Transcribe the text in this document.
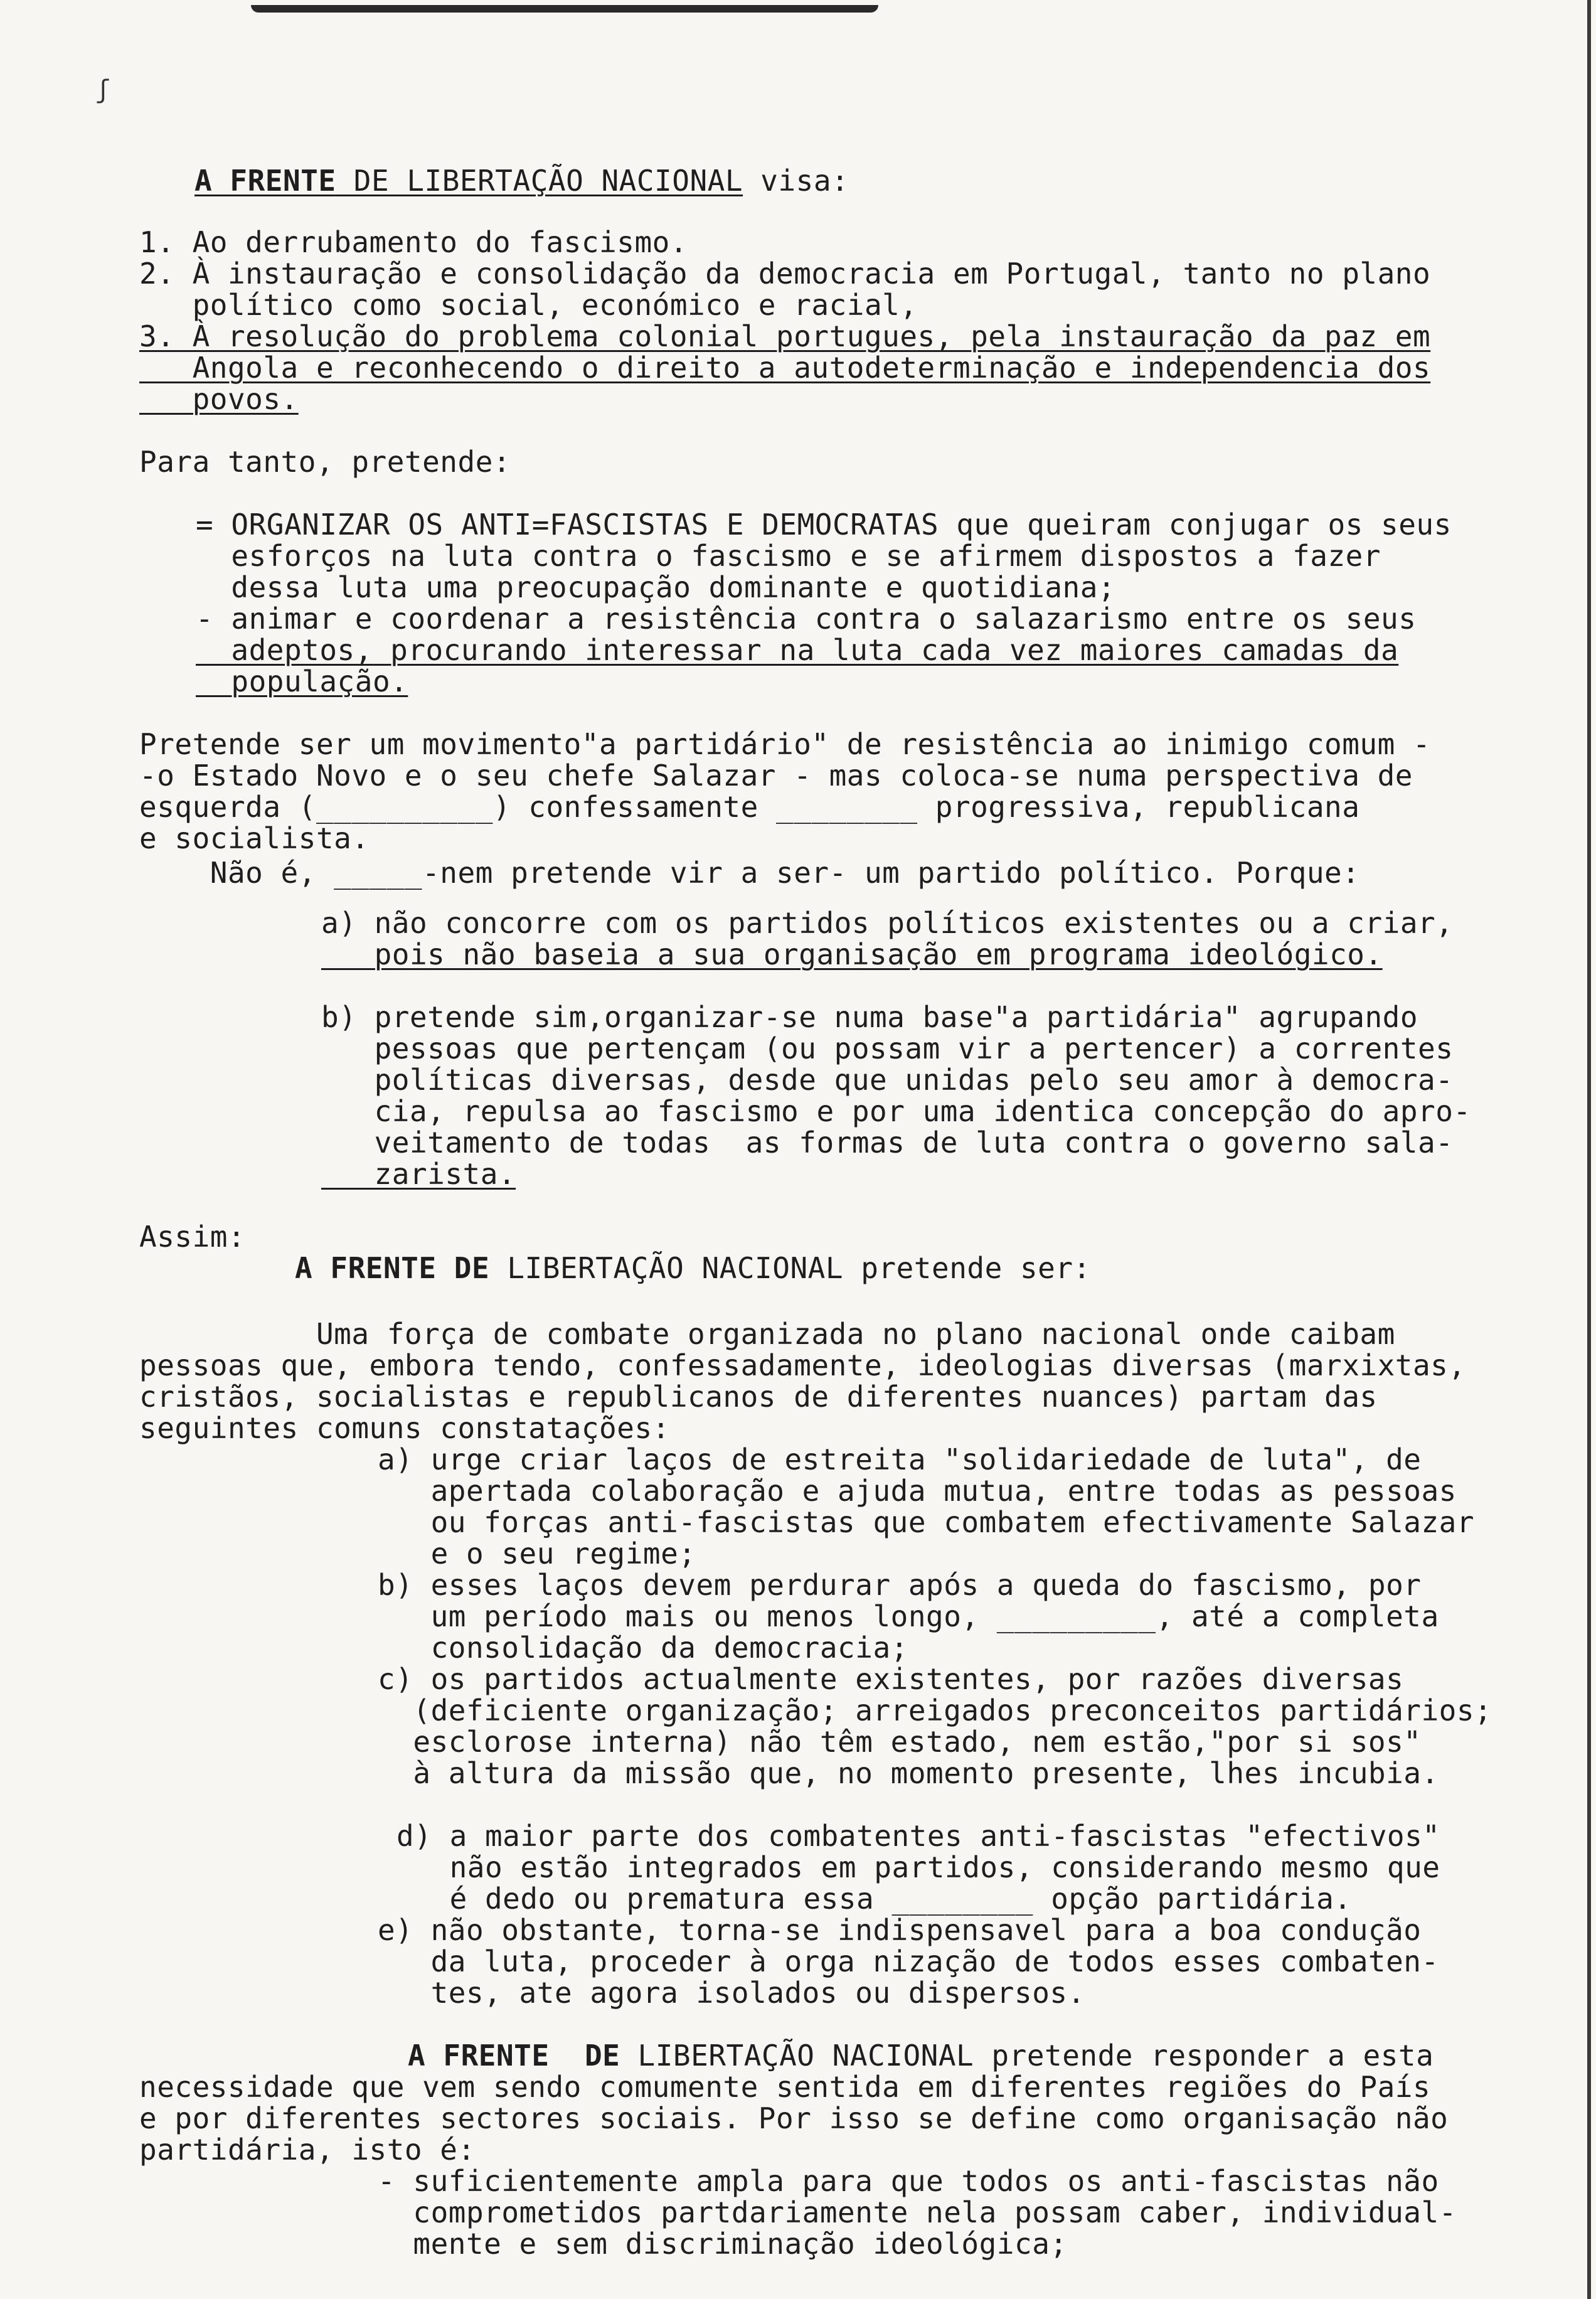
ʃ
A FRENTE DE LIBERTAÇÃO NACIONAL visa:
1. Ao derrubamento do fascismo.
2. À instauração e consolidação da democracia em Portugal, tanto no plano
político como social, económico e racial,
3. À resolução do problema colonial portugues, pela instauração da paz em
Angola e reconhecendo o direito a autodeterminação e independencia dos
povos.
Para tanto, pretende:
= ORGANIZAR OS ANTI=FASCISTAS E DEMOCRATAS que queiram conjugar os seus
esforços na luta contra o fascismo e se afirmem dispostos a fazer
dessa luta uma preocupação dominante e quotidiana;
- animar e coordenar a resistência contra o salazarismo entre os seus
adeptos, procurando interessar na luta cada vez maiores camadas da
população.
Pretende ser um movimento"a partidário" de resistência ao inimigo comum -
-o Estado Novo e o seu chefe Salazar - mas coloca-se numa perspectiva de
esquerda (__________) confessamente ________ progressiva, republicana
e socialista.
Não é, _____-nem pretende vir a ser- um partido político. Porque:
a) não concorre com os partidos políticos existentes ou a criar,
pois não baseia a sua organisação em programa ideológico.
b) pretende sim,organizar-se numa base"a partidária" agrupando
pessoas que pertençam (ou possam vir a pertencer) a correntes
políticas diversas, desde que unidas pelo seu amor à democra-
cia, repulsa ao fascismo e por uma identica concepção do apro-
veitamento de todas  as formas de luta contra o governo sala-
zarista.
Assim:
A FRENTE DE LIBERTAÇÃO NACIONAL pretende ser:
Uma força de combate organizada no plano nacional onde caibam
pessoas que, embora tendo, confessadamente, ideologias diversas (marxixtas,
cristãos, socialistas e republicanos de diferentes nuances) partam das
seguintes comuns constatações:
a) urge criar laços de estreita "solidariedade de luta", de
apertada colaboração e ajuda mutua, entre todas as pessoas
ou forças anti-fascistas que combatem efectivamente Salazar
e o seu regime;
b) esses laços devem perdurar após a queda do fascismo, por
um período mais ou menos longo, _________, até a completa
consolidação da democracia;
c) os partidos actualmente existentes, por razões diversas
(deficiente organização; arreigados preconceitos partidários;
esclorose interna) não têm estado, nem estão,"por si sos"
à altura da missão que, no momento presente, lhes incubia.
d) a maior parte dos combatentes anti-fascistas "efectivos"
não estão integrados em partidos, considerando mesmo que
é dedo ou prematura essa ________ opção partidária.
e) não obstante, torna-se indispensavel para a boa condução
da luta, proceder à orga nização de todos esses combaten-
tes, ate agora isolados ou dispersos.
A FRENTE  DE LIBERTAÇÃO NACIONAL pretende responder a esta
necessidade que vem sendo comumente sentida em diferentes regiões do País
e por diferentes sectores sociais. Por isso se define como organisação não
partidária, isto é:
- suficientemente ampla para que todos os anti-fascistas não
comprometidos partdariamente nela possam caber, individual-
mente e sem discriminação ideológica;
